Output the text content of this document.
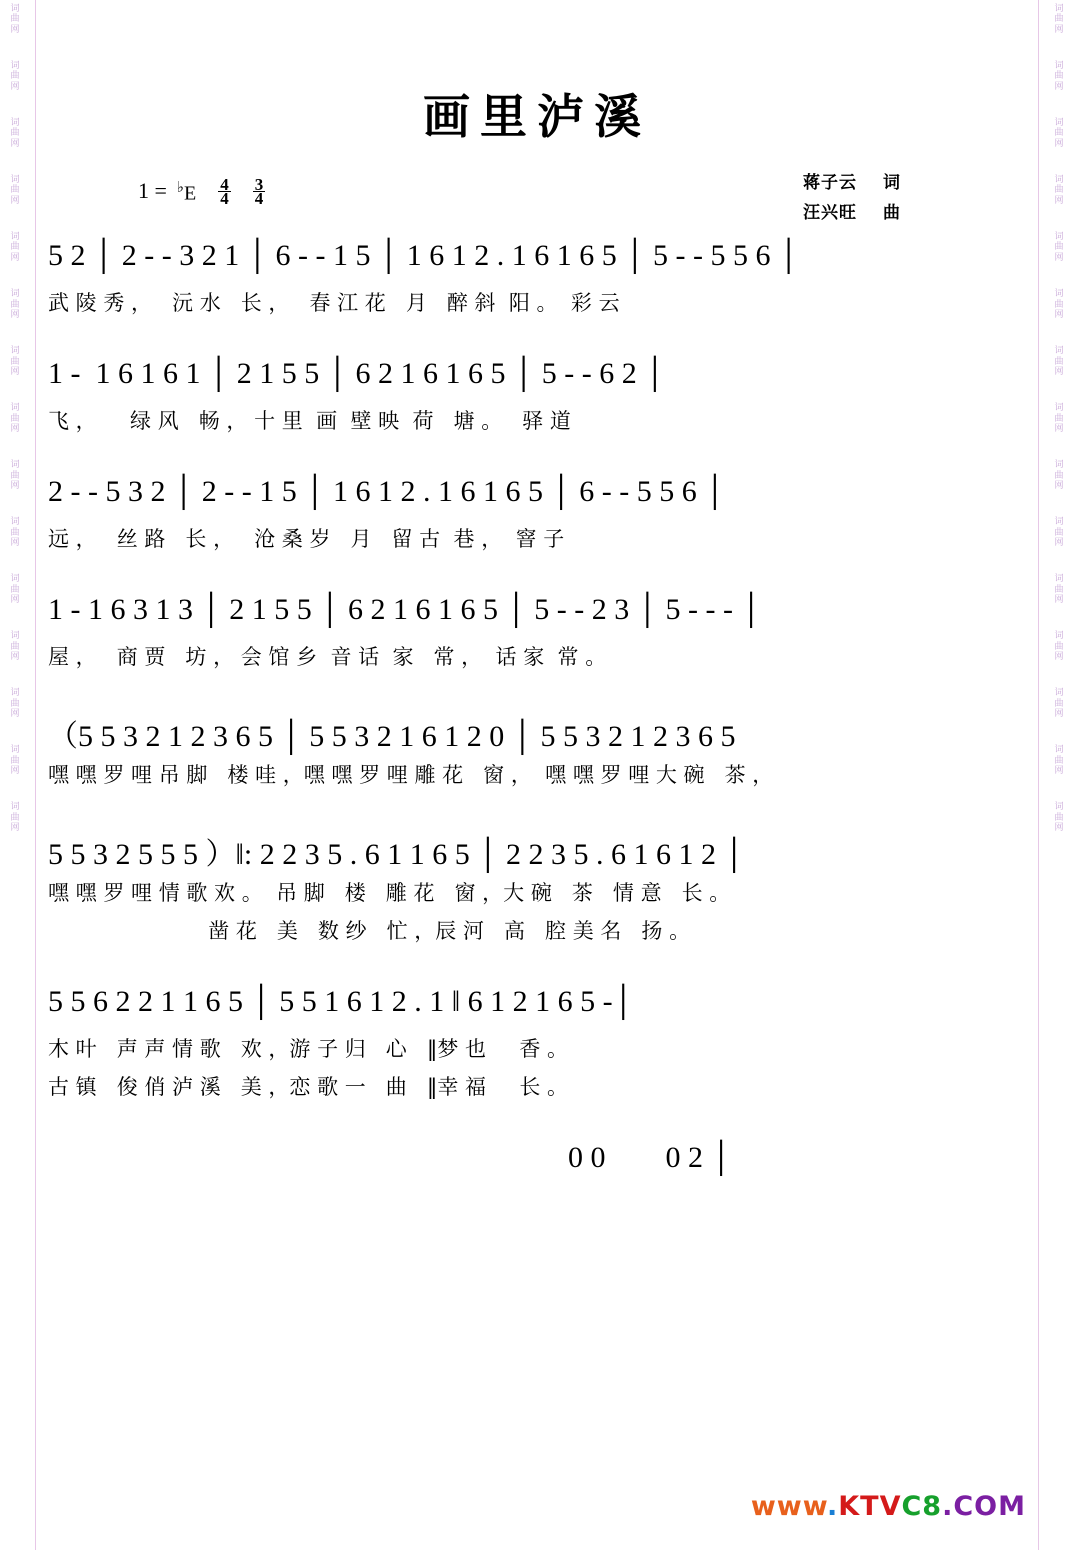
词曲网
词曲网
词曲网
词曲网
词曲网
词曲网
词曲网
词曲网
词曲网
词曲网
词曲网
词曲网
词曲网
词曲网
词曲网
词曲网
词曲网
词曲网
词曲网
词曲网
词曲网
词曲网
词曲网
词曲网
词曲网
词曲网
词曲网
词曲网
词曲网
词曲网
画里泸溪
蒋子云 词
汪兴旺 曲
$1 = ^♭E \frac{4}{4} \frac{3}{4}$
5 2 │ 2 - - 3 2 1 │ 6 - - 1 5 │ 1 6 1 2 . 1 6 1 6 5 │ 5 - - 5 5 6 │
武 陵 秀 ，   沅 水   长 ，   春 江 花   月   醉 斜  阳 。  彩 云
1 -  1 6 1 6 1 │ 2 1 5 5 │ 6 2 1 6 1 6 5 │ 5 - - 6 2 │
飞 ，     绿 风   畅 ， 十 里  画  壁 映  荷   塘 。   驿 道
2 - - 5 3 2 │ 2 - - 1 5 │ 1 6 1 2 . 1 6 1 6 5 │ 6 - - 5 5 6 │
远 ，   丝 路   长 ，   沧 桑 岁   月   留 古  巷 ，  窨 子
1 - 1 6 3 1 3 │ 2 1 5 5 │ 6 2 1 6 1 6 5 │ 5 - - 2 3 │ 5 - - - │
屋 ，   商 贾   坊 ， 会 馆 乡  音 话  家   常 ，  话 家  常 。
（5 5 3 2 1 2 3 6 5 │ 5 5 3 2 1 6 1 2 0 │ 5 5 3 2 1 2 3 6 5
嘿 嘿 罗 哩 吊 脚   楼 哇 ，嘿 嘿 罗 哩 雕 花   窗 ，  嘿 嘿 罗 哩 大 碗   茶 ，
5 5 3 2 5 5 5 ）‖: 2 2 3 5 . 6 1 1 6 5 │ 2 2 3 5 . 6 1 6 1 2 │
嘿 嘿 罗 哩 情 歌 欢 。  吊 脚   楼   雕 花   窗 ，大 碗   茶   情 意   长 。
凿 花   美   数 纱   忙 ，辰 河   高   腔 美 名   扬 。
5 5 6 2 2 1 1 6 5 │ 5 5 1 6 1 2 . 1 ‖ 6 1 2 1 6 5 -│
木 叶   声 声 情 歌   欢 ，游 子 归   心   ‖梦 也     香 。
古 镇   俊 俏 泸 溪   美 ，恋 歌 一   曲   ‖幸 福     长 。
0 0        0 2 │
www.KTVC8.COM
